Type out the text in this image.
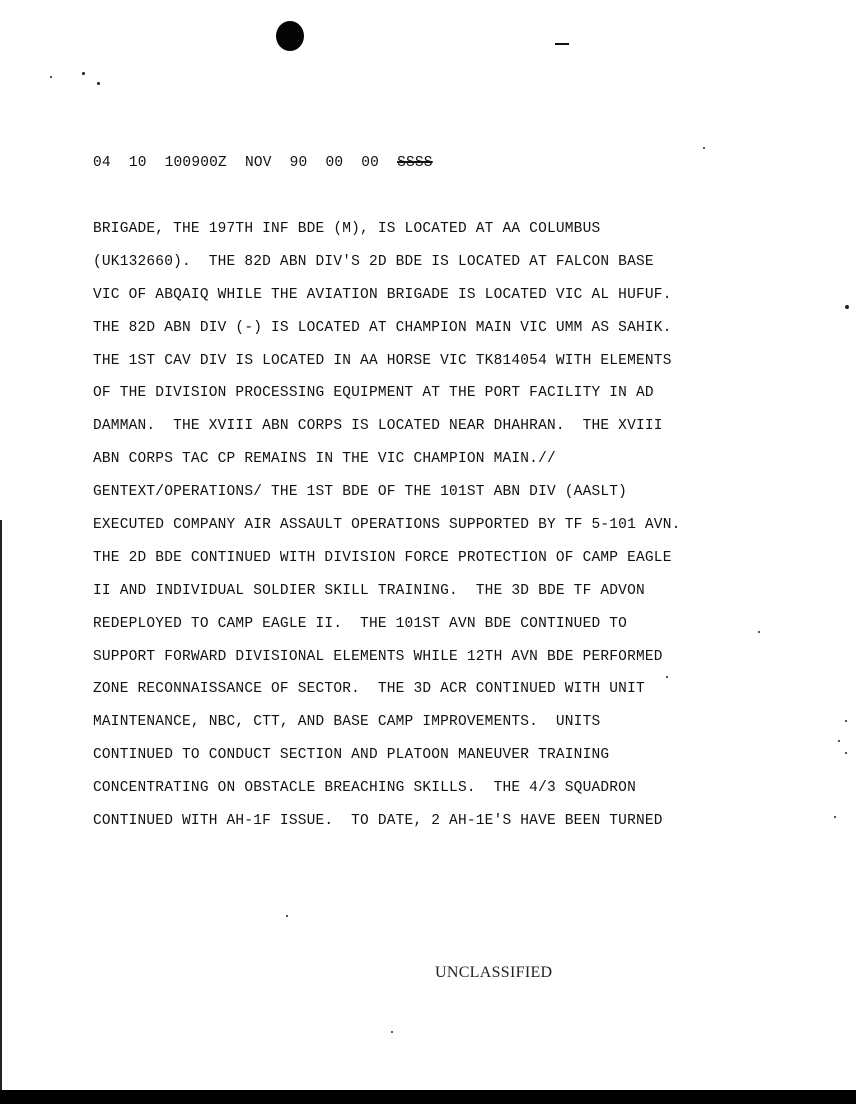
04 10 100900Z NOV 90 00 00 SSSS

BRIGADE, THE 197TH INF BDE (M), IS LOCATED AT AA COLUMBUS
(UK132660).  THE 82D ABN DIV'S 2D BDE IS LOCATED AT FALCON BASE
VIC OF ABQAIQ WHILE THE AVIATION BRIGADE IS LOCATED VIC AL HUFUF.
THE 82D ABN DIV (-) IS LOCATED AT CHAMPION MAIN VIC UMM AS SAHIK.
THE 1ST CAV DIV IS LOCATED IN AA HORSE VIC TK814054 WITH ELEMENTS
OF THE DIVISION PROCESSING EQUIPMENT AT THE PORT FACILITY IN AD
DAMMAN.  THE XVIII ABN CORPS IS LOCATED NEAR DHAHRAN.  THE XVIII
ABN CORPS TAC CP REMAINS IN THE VIC CHAMPION MAIN.//
GENTEXT/OPERATIONS/ THE 1ST BDE OF THE 101ST ABN DIV (AASLT)
EXECUTED COMPANY AIR ASSAULT OPERATIONS SUPPORTED BY TF 5-101 AVN.
THE 2D BDE CONTINUED WITH DIVISION FORCE PROTECTION OF CAMP EAGLE
II AND INDIVIDUAL SOLDIER SKILL TRAINING.  THE 3D BDE TF ADVON
REDEPLOYED TO CAMP EAGLE II.  THE 101ST AVN BDE CONTINUED TO
SUPPORT FORWARD DIVISIONAL ELEMENTS WHILE 12TH AVN BDE PERFORMED
ZONE RECONNAISSANCE OF SECTOR.  THE 3D ACR CONTINUED WITH UNIT
MAINTENANCE, NBC, CTT, AND BASE CAMP IMPROVEMENTS.  UNITS
CONTINUED TO CONDUCT SECTION AND PLATOON MANEUVER TRAINING
CONCENTRATING ON OBSTACLE BREACHING SKILLS.  THE 4/3 SQUADRON
CONTINUED WITH AH-1F ISSUE.  TO DATE, 2 AH-1E'S HAVE BEEN TURNED
UNCLASSIFIED
